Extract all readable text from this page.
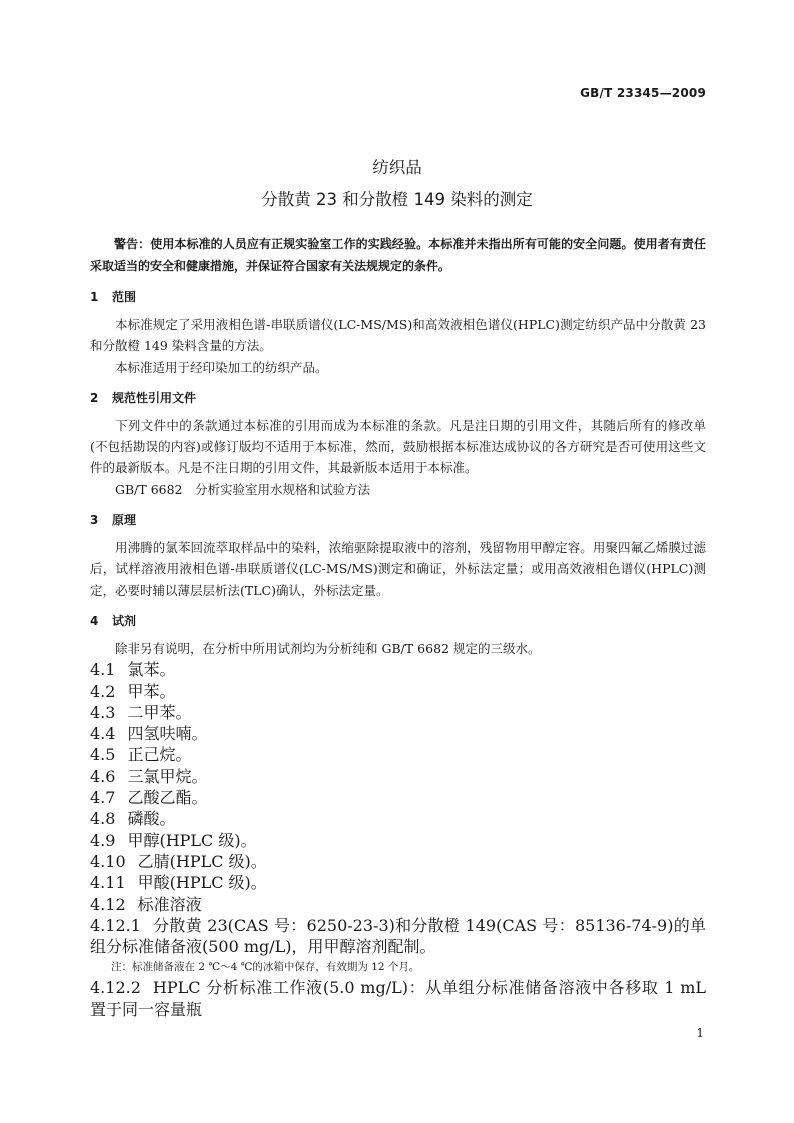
GB/T 23345—2009
纺织品
分散黄 23 和分散橙 149 染料的测定

警告：使用本标准的人员应有正规实验室工作的实践经验。本标准并未指出所有可能的安全问题。使用者有责任采取适当的安全和健康措施，并保证符合国家有关法规规定的条件。

1 范围

本标准规定了采用液相色谱-串联质谱仪(LC-MS/MS)和高效液相色谱仪(HPLC)测定纺织产品中分散黄 23 和分散橙 149 染料含量的方法。

本标准适用于经印染加工的纺织产品。

2 规范性引用文件

下列文件中的条款通过本标准的引用而成为本标准的条款。凡是注日期的引用文件，其随后所有的修改单(不包括勘误的内容)或修订版均不适用于本标准，然而，鼓励根据本标准达成协议的各方研究是否可使用这些文件的最新版本。凡是不注日期的引用文件，其最新版本适用于本标准。

GB/T 6682　分析实验室用水规格和试验方法

3 原理

用沸腾的氯苯回流萃取样品中的染料，浓缩驱除提取液中的溶剂，残留物用甲醇定容。用聚四氟乙烯膜过滤后，试样溶液用液相色谱-串联质谱仪(LC-MS/MS)测定和确证，外标法定量；或用高效液相色谱仪(HPLC)测定，必要时辅以薄层层析法(TLC)确认，外标法定量。

4 试剂

除非另有说明，在分析中所用试剂均为分析纯和 GB/T 6682 规定的三级水。

4.1 氯苯。
4.2 甲苯。
4.3 二甲苯。
4.4 四氢呋喃。
4.5 正己烷。
4.6 三氯甲烷。
4.7 乙酸乙酯。
4.8 磷酸。
4.9 甲醇(HPLC 级)。
4.10 乙腈(HPLC 级)。
4.11 甲酸(HPLC 级)。
4.12 标准溶液
4.12.1 分散黄 23(CAS 号：6250-23-3)和分散橙 149(CAS 号：85136-74-9)的单组分标准储备液(500 mg/L)，用甲醇溶剂配制。
注：标准储备液在 2 ℃～4 ℃的冰箱中保存，有效期为 12 个月。
4.12.2 HPLC 分析标准工作液(5.0 mg/L)：从单组分标准储备溶液中各移取 1 mL 置于同一容量瓶
1
